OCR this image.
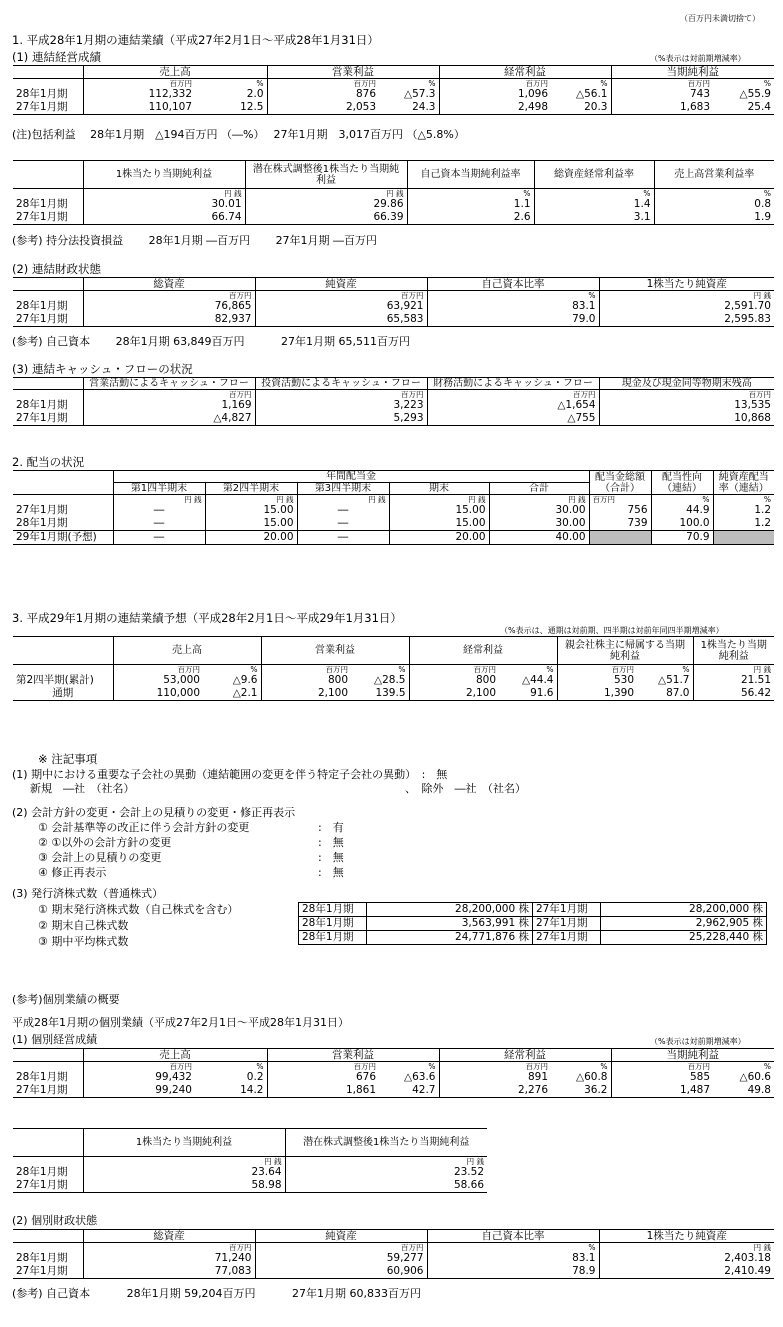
（百万円未満切捨て）
1. 平成28年1月期の連結業績（平成27年2月1日～平成28年1月31日）
(1) 連結経営成績	（%表示は対前期増減率）
	売上高		営業利益		経常利益		当期純利益	
	百万円	%	百万円	%	百万円	%	百万円	%
28年1月期	112,332	2.0	876	△57.3	1,096	△56.1	743	△55.9
27年1月期	110,107	12.5	2,053	24.3	2,498	20.3	1,683	25.4
(注)包括利益　 28年1月期　△194百万円 （―%）　 27年1月期　3,017百万円 （△5.8%）
	1株当たり当期純利益	潜在株式調整後1株当たり当期純利益	自己資本当期純利益率	総資産経常利益率	売上高営業利益率
	円 銭	円 銭	%	%	%
28年1月期	30.01	29.86	1.1	1.4	0.8
27年1月期	66.74	66.39	2.6	3.1	1.9
(参考) 持分法投資損益　　 28年1月期 ―百万円　　 27年1月期 ―百万円
(2) 連結財政状態
	総資産	純資産	自己資本比率	1株当たり純資産
	百万円	百万円	%	円 銭
28年1月期	76,865	63,921	83.1	2,591.70
27年1月期	82,937	65,583	79.0	2,595.83
(参考) 自己資本　　 28年1月期 63,849百万円　　　 27年1月期 65,511百万円
(3) 連結キャッシュ・フローの状況
	営業活動によるキャッシュ・フロー	投資活動によるキャッシュ・フロー	財務活動によるキャッシュ・フロー	現金及び現金同等物期末残高
	百万円	百万円	百万円	百万円
28年1月期	1,169	3,223	△1,654	13,535
27年1月期	△4,827	5,293	△755	10,868
2. 配当の状況
	年間配当金					配当金総額（合計）	配当性向（連結）	純資産配当率（連結）
	第1四半期末	第2四半期末	第3四半期末	期末	合計			
	円 銭	円 銭	円 銭	円 銭	円 銭	百万円	%	%
27年1月期	―	15.00	―	15.00	30.00	756	44.9	1.2
28年1月期	―	15.00	―	15.00	30.00	739	100.0	1.2
29年1月期(予想)	―	20.00	―	20.00	40.00		70.9	
3. 平成29年1月期の連結業績予想（平成28年2月1日～平成29年1月31日）
（%表示は、通期は対前期、四半期は対前年同四半期増減率）
	売上高		営業利益		経常利益		親会社株主に帰属する当期純利益		1株当たり当期純利益
	百万円	%	百万円	%	百万円	%	百万円	%	円 銭
第2四半期(累計)	53,000	△9.6	800	△28.5	800	△44.4	530	△51.7	21.51
通期	110,000	△2.1	2,100	139.5	2,100	91.6	1,390	87.0	56.42
※ 注記事項
(1) 期中における重要な子会社の異動（連結範囲の変更を伴う特定子会社の異動）　:　無
新規　―社　（社名）	、　除外　―社　（社名）
(2) 会計方針の変更・会計上の見積りの変更・修正再表示
① 会計基準等の改正に伴う会計方針の変更	:　有
② ①以外の会計方針の変更	:　無
③ 会計上の見積りの変更	:　無
④ 修正再表示	:　無
(3) 発行済株式数（普通株式）
① 期末発行済株式数（自己株式を含む）
② 期末自己株式数
③ 期中平均株式数
28年1月期	28,200,000 株	27年1月期	28,200,000 株
28年1月期	3,563,991 株	27年1月期	2,962,905 株
28年1月期	24,771,876 株	27年1月期	25,228,440 株
(参考)個別業績の概要
平成28年1月期の個別業績（平成27年2月1日～平成28年1月31日）
(1) 個別経営成績	（%表示は対前期増減率）
	売上高		営業利益		経常利益		当期純利益	
	百万円	%	百万円	%	百万円	%	百万円	%
28年1月期	99,432	0.2	676	△63.6	891	△60.8	585	△60.6
27年1月期	99,240	14.2	1,861	42.7	2,276	36.2	1,487	49.8
	1株当たり当期純利益	潜在株式調整後1株当たり当期純利益
	円 銭	円 銭
28年1月期	23.64	23.52
27年1月期	58.98	58.66
(2) 個別財政状態
	総資産	純資産	自己資本比率	1株当たり純資産
	百万円	百万円	%	円 銭
28年1月期	71,240	59,277	83.1	2,403.18
27年1月期	77,083	60,906	78.9	2,410.49
(参考) 自己資本　　　 28年1月期 59,204百万円　　　 27年1月期 60,833百万円
